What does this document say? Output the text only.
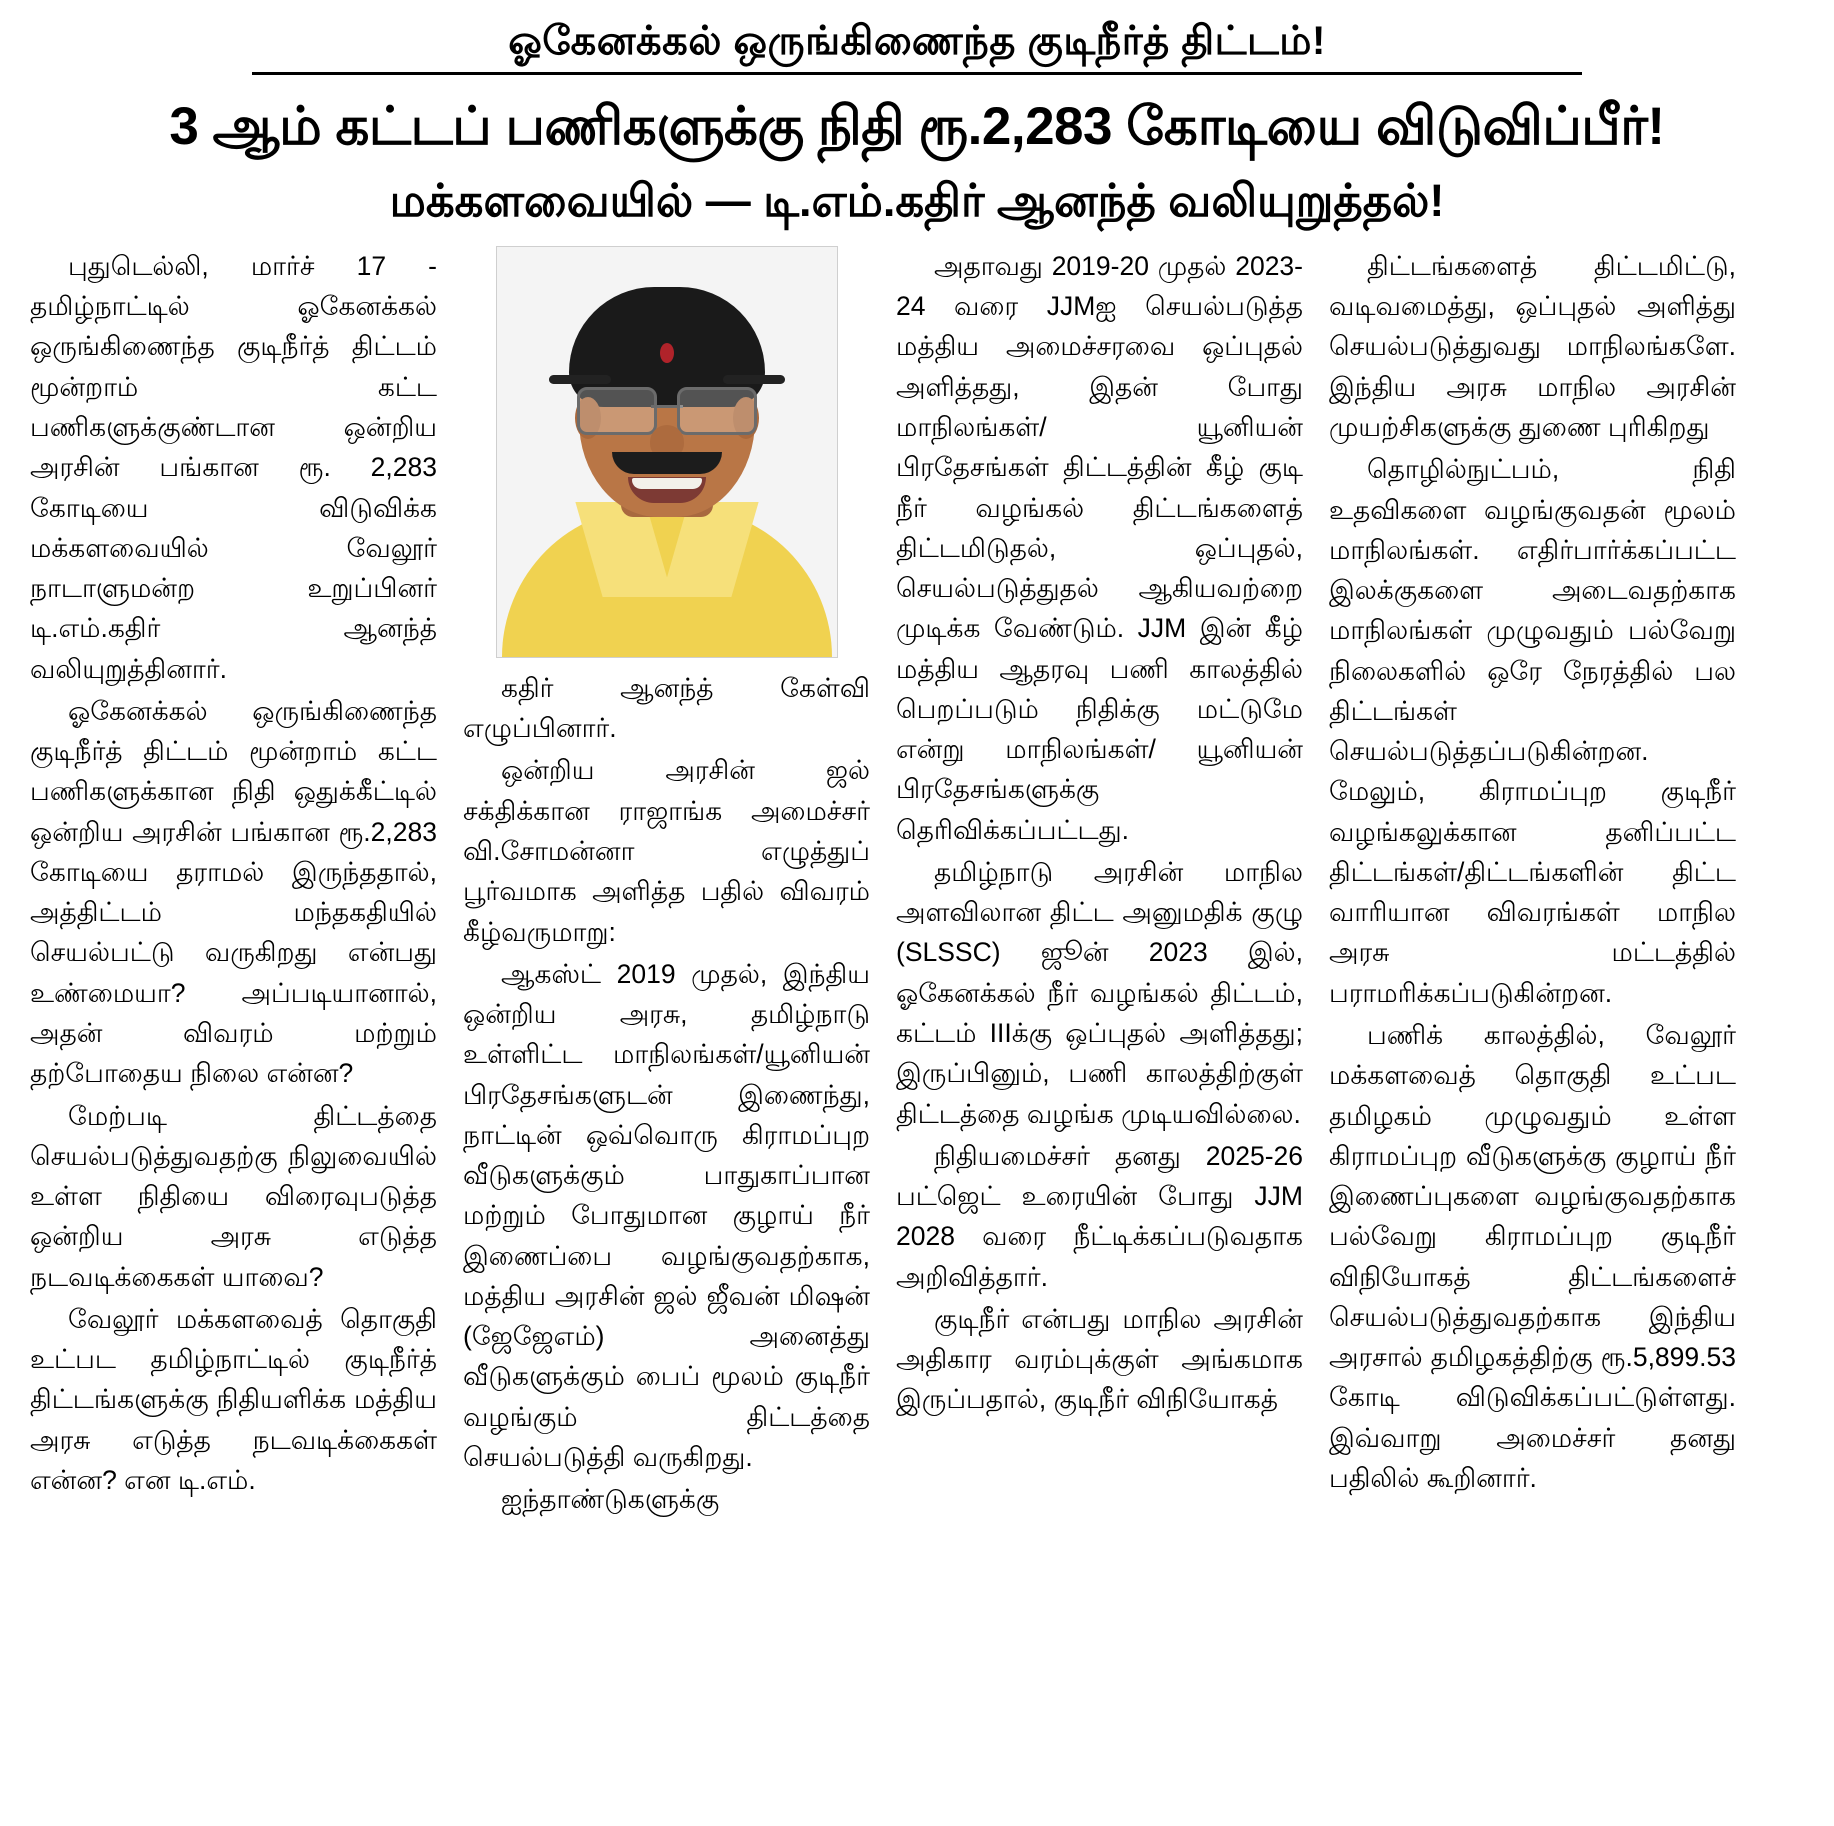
ஓகேனக்கல் ஒருங்கிணைந்த குடிநீர்த் திட்டம்!
3 ஆம் கட்டப் பணிகளுக்கு நிதி ரூ.2,283 கோடியை விடுவிப்பீர்!
மக்களவையில் — டி.எம்.கதிர் ஆனந்த் வலியுறுத்தல்!

புதுடெல்லி, மார்ச் 17 - தமிழ்நாட்டில் ஓகேனக்கல் ஒருங்கிணைந்த குடிநீர்த் திட்டம் மூன்றாம் கட்ட பணிகளுக்குண்டான ஒன்றிய அரசின் பங்கான ரூ. 2,283 கோடியை விடுவிக்க மக்களவையில் வேலூர் நாடாளுமன்ற உறுப்பினர் டி.எம்.கதிர் ஆனந்த் வலியுறுத்தினார்.

ஓகேனக்கல் ஒருங்கிணைந்த குடிநீர்த் திட்டம் மூன்றாம் கட்ட பணிகளுக்கான நிதி ஒதுக்கீட்டில் ஒன்றிய அரசின் பங்கான ரூ.2,283 கோடியை தராமல் இருந்ததால், அத்திட்டம் மந்தகதியில் செயல்பட்டு வருகிறது என்பது உண்மையா? அப்படியானால், அதன் விவரம் மற்றும் தற்போதைய நிலை என்ன?

மேற்படி திட்டத்தை செயல்படுத்துவதற்கு நிலுவையில் உள்ள நிதியை விரைவுபடுத்த ஒன்றிய அரசு எடுத்த நடவடிக்கைகள் யாவை?

வேலூர் மக்களவைத் தொகுதி உட்பட தமிழ்நாட்டில் குடிநீர்த் திட்டங்களுக்கு நிதியளிக்க மத்திய அரசு எடுத்த நடவடிக்கைகள் என்ன? என டி.எம்.

கதிர் ஆனந்த் கேள்வி எழுப்பினார்.

ஒன்றிய அரசின் ஜல் சக்திக்கான ராஜாங்க அமைச்சர் வி.சோமன்னா எழுத்துப் பூர்வமாக அளித்த பதில் விவரம் கீழ்வருமாறு:

ஆகஸ்ட் 2019 முதல், இந்திய ஒன்றிய அரசு, தமிழ்நாடு உள்ளிட்ட மாநிலங்கள்/யூனியன் பிரதேசங்களுடன் இணைந்து, நாட்டின் ஒவ்வொரு கிராமப்புற வீடுகளுக்கும் பாதுகாப்பான மற்றும் போதுமான குழாய் நீர் இணைப்பை வழங்குவதற்காக, மத்திய அரசின் ஜல் ஜீவன் மிஷன் (ஜேஜேஎம்) அனைத்து வீடுகளுக்கும் பைப் மூலம் குடிநீர் வழங்கும் திட்டத்தை செயல்படுத்தி வருகிறது.

ஐந்தாண்டுகளுக்கு

அதாவது 2019-20 முதல் 2023-24 வரை JJMஐ செயல்படுத்த மத்திய அமைச்சரவை ஒப்புதல் அளித்தது, இதன் போது மாநிலங்கள்/ யூனியன் பிரதேசங்கள் திட்டத்தின் கீழ் குடி நீர் வழங்கல் திட்டங்களைத் திட்டமிடுதல், ஒப்புதல், செயல்படுத்துதல் ஆகியவற்றை முடிக்க வேண்டும். JJM இன் கீழ் மத்திய ஆதரவு பணி காலத்தில் பெறப்படும் நிதிக்கு மட்டுமே என்று மாநிலங்கள்/ யூனியன் பிரதேசங்களுக்கு தெரிவிக்கப்பட்டது.

தமிழ்நாடு அரசின் மாநில அளவிலான திட்ட அனுமதிக் குழு (SLSSC) ஜூன் 2023 இல், ஓகேனக்கல் நீர் வழங்கல் திட்டம், கட்டம் IIIக்கு ஒப்புதல் அளித்தது; இருப்பினும், பணி காலத்திற்குள் திட்டத்தை வழங்க முடியவில்லை.

நிதியமைச்சர் தனது 2025-26 பட்ஜெட் உரையின் போது JJM 2028 வரை நீட்டிக்கப்படுவதாக அறிவித்தார்.

குடிநீர் என்பது மாநில அரசின் அதிகார வரம்புக்குள் அங்கமாக இருப்பதால், குடிநீர் விநியோகத்

திட்டங்களைத் திட்டமிட்டு, வடிவமைத்து, ஒப்புதல் அளித்து செயல்படுத்துவது மாநிலங்களே. இந்திய அரசு மாநில அரசின் முயற்சிகளுக்கு துணை புரிகிறது

தொழில்நுட்பம், நிதி உதவிகளை வழங்குவதன் மூலம் மாநிலங்கள். எதிர்பார்க்கப்பட்ட இலக்குகளை அடைவதற்காக மாநிலங்கள் முழுவதும் பல்வேறு நிலைகளில் ஒரே நேரத்தில் பல திட்டங்கள் செயல்படுத்தப்படுகின்றன. மேலும், கிராமப்புற குடிநீர் வழங்கலுக்கான தனிப்பட்ட திட்டங்கள்/திட்டங்களின் திட்ட வாரியான விவரங்கள் மாநில அரசு மட்டத்தில் பராமரிக்கப்படுகின்றன.

பணிக் காலத்தில், வேலூர் மக்களவைத் தொகுதி உட்பட தமிழகம் முழுவதும் உள்ள கிராமப்புற வீடுகளுக்கு குழாய் நீர் இணைப்புகளை வழங்குவதற்காக பல்வேறு கிராமப்புற குடிநீர் விநியோகத் திட்டங்களைச் செயல்படுத்துவதற்காக இந்திய அரசால் தமிழகத்திற்கு ரூ.5,899.53 கோடி விடுவிக்கப்பட்டுள்ளது. இவ்வாறு அமைச்சர் தனது பதிலில் கூறினார்.
